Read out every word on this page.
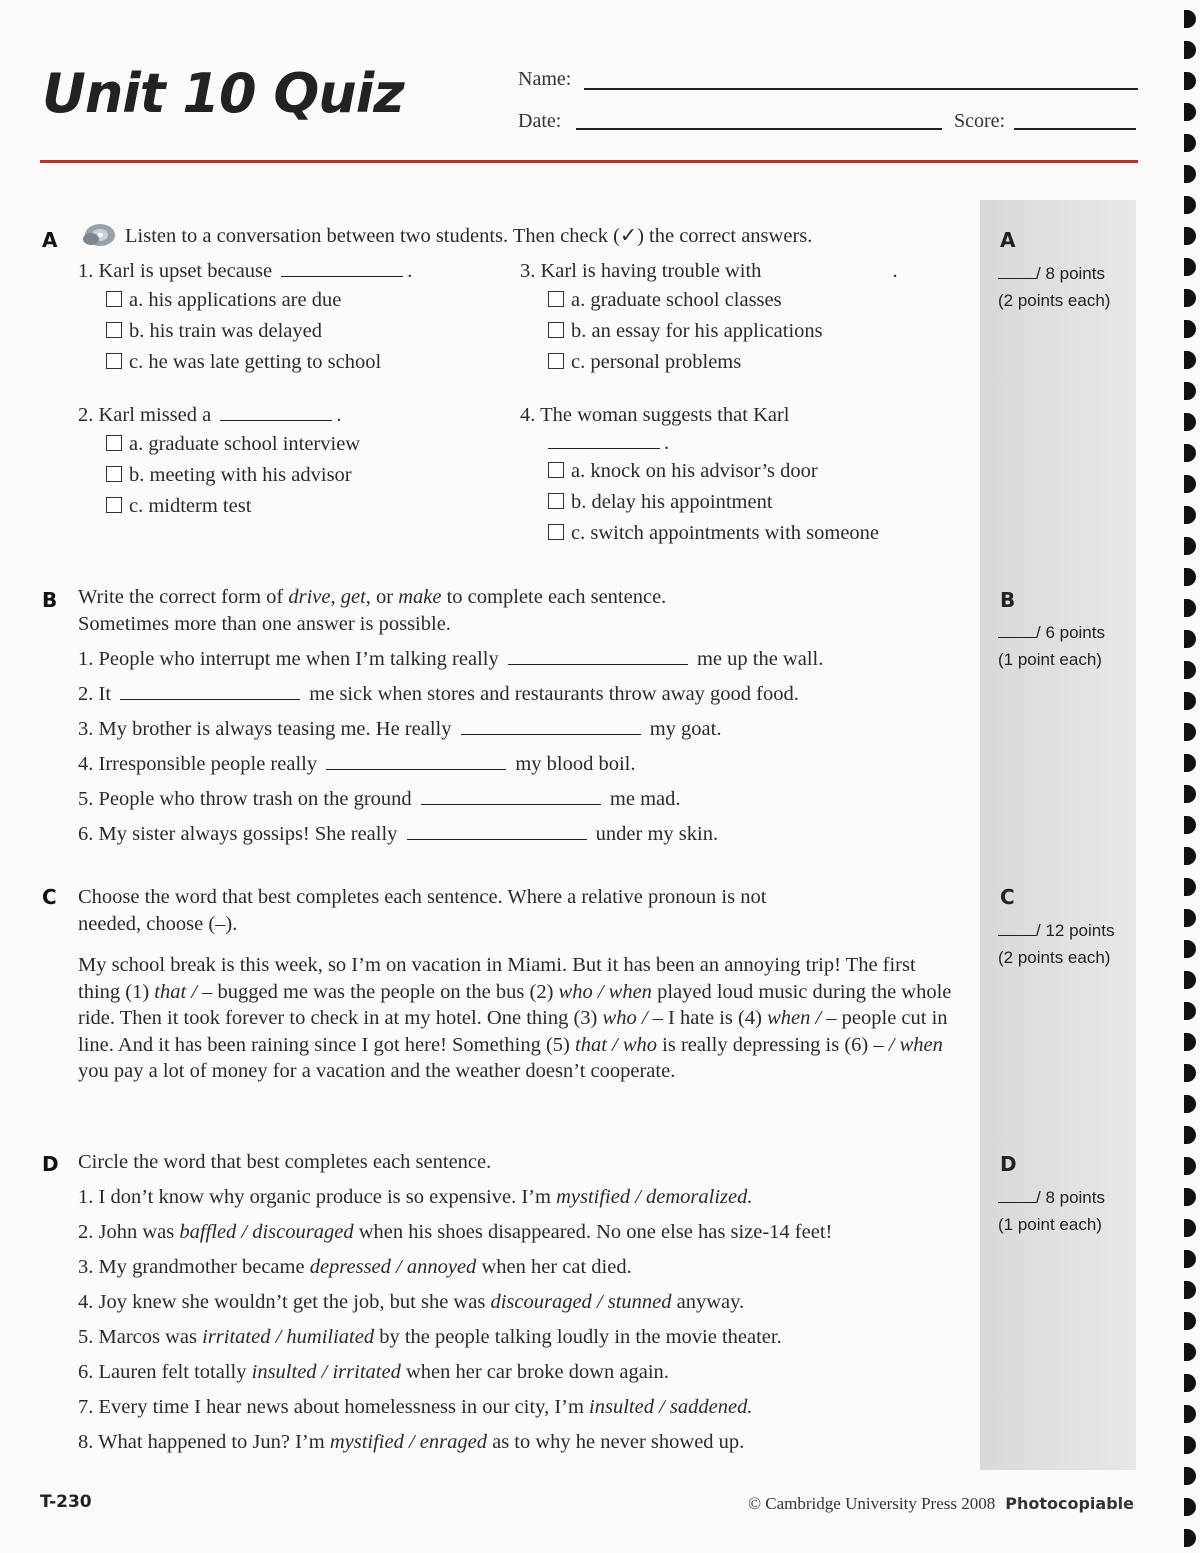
Unit 10 Quiz	Name:
Date:	Score:
A
/ 8 points
(2 points each)
B
/ 6 points
(1 point each)
C
/ 12 points
(2 points each)
D
/ 8 points
(1 point each)
A	Listen to a conversation between two students. Then check (✓) the correct answers.
1. Karl is upset because	.
a. his applications are due
b. his train was delayed
c. he was late getting to school
2. Karl missed a	.
a. graduate school interview
b. meeting with his advisor
c. midterm test
3. Karl is having trouble with	.
a. graduate school classes
b. an essay for his applications
c. personal problems
4. The woman suggests that Karl
.
a. knock on his advisor’s door
b. delay his appointment
c. switch appointments with someone
B Write the correct form of drive, get, or make to complete each sentence.
Sometimes more than one answer is possible.
1. People who interrupt me when I’m talking really	me up the wall.
2. It	me sick when stores and restaurants throw away good food.
3. My brother is always teasing me. He really	my goat.
4. Irresponsible people really	my blood boil.
5. People who throw trash on the ground	me mad.
6. My sister always gossips! She really	under my skin.
C Choose the word that best completes each sentence. Where a relative pronoun is not
needed, choose (–).
My school break is this week, so I’m on vacation in Miami. But it has been an annoying trip! The first thing (1) that / – bugged me was the people on the bus (2) who / when played loud music during the whole ride. Then it took forever to check in at my hotel. One thing (3) who / – I hate is (4) when / – people cut in line. And it has been raining since I got here! Something (5) that / who is really depressing is (6) – / when you pay a lot of money for a vacation and the weather doesn’t cooperate.
D Circle the word that best completes each sentence.
1. I don’t know why organic produce is so expensive. I’m mystified / demoralized.
2. John was baffled / discouraged when his shoes disappeared. No one else has size-14 feet!
3. My grandmother became depressed / annoyed when her cat died.
4. Joy knew she wouldn’t get the job, but she was discouraged / stunned anyway.
5. Marcos was irritated / humiliated by the people talking loudly in the movie theater.
6. Lauren felt totally insulted / irritated when her car broke down again.
7. Every time I hear news about homelessness in our city, I’m insulted / saddened.
8. What happened to Jun? I’m mystified / enraged as to why he never showed up.
T-230	© Cambridge University Press 2008 Photocopiable
